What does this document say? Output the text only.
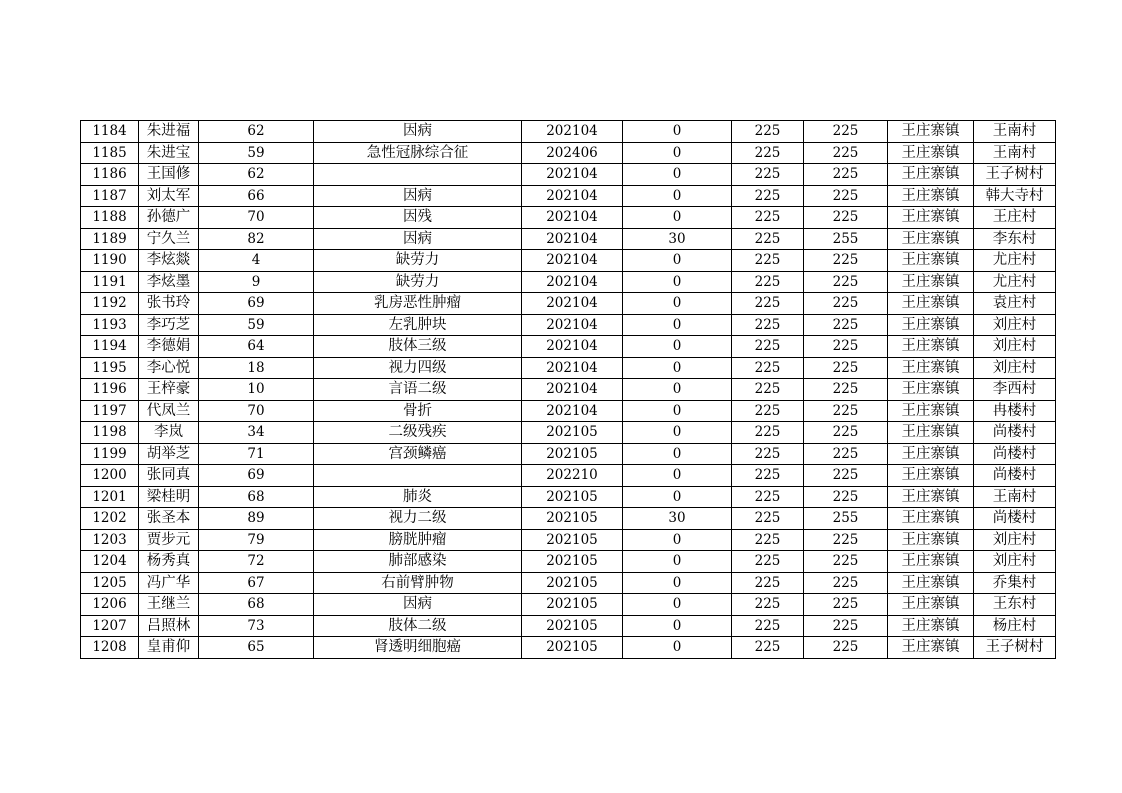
1184	朱进福	62	因病	202104	0	225	225	王庄寨镇	王南村
1185	朱进宝	59	急性冠脉综合征	202406	0	225	225	王庄寨镇	王南村
1186	王国修	62		202104	0	225	225	王庄寨镇	王子树村
1187	刘太军	66	因病	202104	0	225	225	王庄寨镇	韩大寺村
1188	孙德广	70	因残	202104	0	225	225	王庄寨镇	王庄村
1189	宁久兰	82	因病	202104	30	225	255	王庄寨镇	李东村
1190	李炫燚	4	缺劳力	202104	0	225	225	王庄寨镇	尤庄村
1191	李炫墨	9	缺劳力	202104	0	225	225	王庄寨镇	尤庄村
1192	张书玲	69	乳房恶性肿瘤	202104	0	225	225	王庄寨镇	袁庄村
1193	李巧芝	59	左乳肿块	202104	0	225	225	王庄寨镇	刘庄村
1194	李德娟	64	肢体三级	202104	0	225	225	王庄寨镇	刘庄村
1195	李心悦	18	视力四级	202104	0	225	225	王庄寨镇	刘庄村
1196	王梓豪	10	言语二级	202104	0	225	225	王庄寨镇	李西村
1197	代凤兰	70	骨折	202104	0	225	225	王庄寨镇	冉楼村
1198	李岚	34	二级残疾	202105	0	225	225	王庄寨镇	尚楼村
1199	胡举芝	71	宫颈鳞癌	202105	0	225	225	王庄寨镇	尚楼村
1200	张同真	69		202210	0	225	225	王庄寨镇	尚楼村
1201	梁桂明	68	肺炎	202105	0	225	225	王庄寨镇	王南村
1202	张圣本	89	视力二级	202105	30	225	255	王庄寨镇	尚楼村
1203	贾步元	79	膀胱肿瘤	202105	0	225	225	王庄寨镇	刘庄村
1204	杨秀真	72	肺部感染	202105	0	225	225	王庄寨镇	刘庄村
1205	冯广华	67	右前臂肿物	202105	0	225	225	王庄寨镇	乔集村
1206	王继兰	68	因病	202105	0	225	225	王庄寨镇	王东村
1207	吕照林	73	肢体二级	202105	0	225	225	王庄寨镇	杨庄村
1208	皇甫仰	65	肾透明细胞癌	202105	0	225	225	王庄寨镇	王子树村
